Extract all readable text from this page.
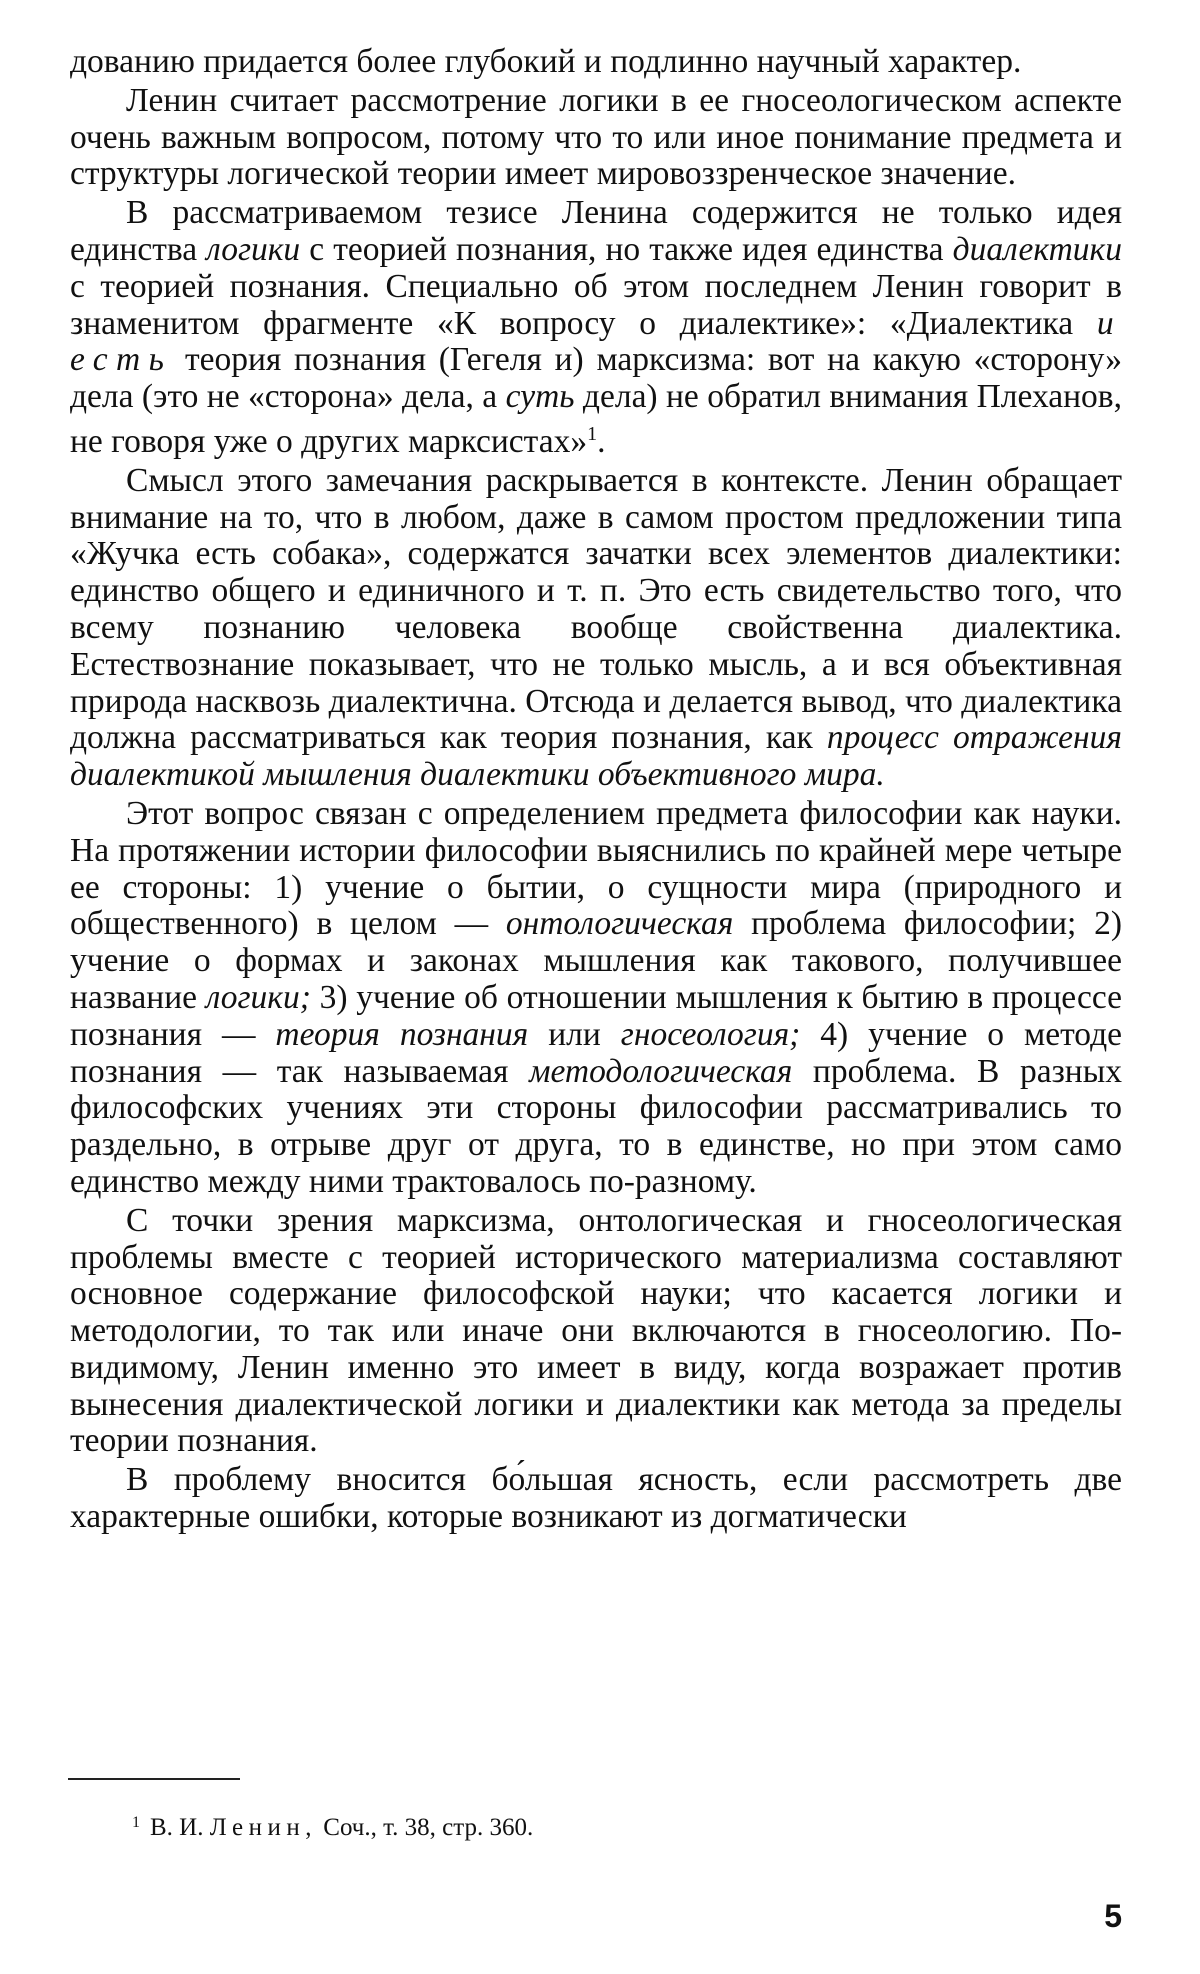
дованию придается более глубокий и подлинно научный характер.

Ленин считает рассмотрение логики в ее гносеологическом аспекте очень важным вопросом, потому что то или иное понимание предмета и структуры логической теории имеет мировоззренческое значение.

В рассматриваемом тезисе Ленина содержится не только идея единства логики с теорией познания, но также идея единства диалектики с теорией познания. Специально об этом последнем Ленин говорит в знаменитом фрагменте «К вопросу о диалектике»: «Диалектика и есть теория познания (Гегеля и) марксизма: вот на какую «сторону» дела (это не «сторона» дела, а суть дела) не обратил внимания Плеханов, не говоря уже о других марксистах»$^1$.

Смысл этого замечания раскрывается в контексте. Ленин обращает внимание на то, что в любом, даже в самом простом предложении типа «Жучка есть собака», содержатся зачатки всех элементов диалектики: единство общего и единичного и т. п. Это есть свидетельство того, что всему познанию человека вообще свойственна диалектика. Естествознание показывает, что не только мысль, а и вся объективная природа насквозь диалектична. Отсюда и делается вывод, что диалектика должна рассматриваться как теория познания, как процесс отражения диалектикой мышления диалектики объективного мира.

Этот вопрос связан с определением предмета философии как науки. На протяжении истории философии выяснились по крайней мере четыре ее стороны: 1) учение о бытии, о сущности мира (природного и общественного) в целом — онтологическая проблема философии; 2) учение о формах и законах мышления как такового, получившее название логики; 3) учение об отношении мышления к бытию в процессе познания — теория познания или гносеология; 4) учение о методе познания — так называемая методологическая проблема. В разных философских учениях эти стороны философии рассматривались то раздельно, в отрыве друг от друга, то в единстве, но при этом само единство между ними трактовалось по-разному.

С точки зрения марксизма, онтологическая и гносеологическая проблемы вместе с теорией исторического материализма составляют основное содержание философской науки; что касается логики и методологии, то так или иначе они включаются в гносеологию. По-видимому, Ленин именно это имеет в виду, когда возражает против вынесения диалектической логики и диалектики как метода за пределы теории познания.

В проблему вносится бо́льшая ясность, если рассмотреть две характерные ошибки, которые возникают из догматически

$^1$ В. И. Ленин, Соч., т. 38, стр. 360.
5
